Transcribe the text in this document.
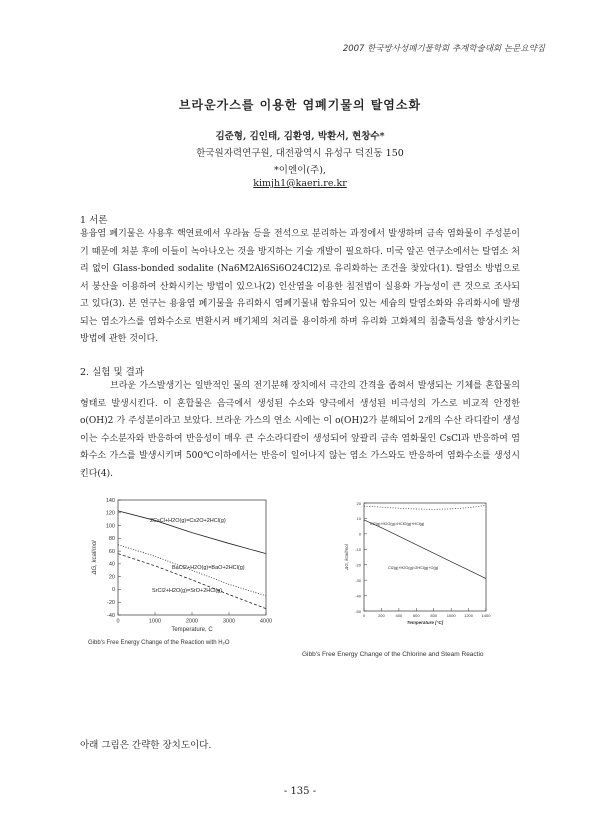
2007 한국방사성폐기물학회 추계학술대회 논문요약집
브라운가스를 이용한 염폐기물의 탈염소화
김준형, 김인태, 김환영, 박환서, 현창수*
한국원자력연구원, 대전광역시 유성구 덕진동 150
*이엔이(주),
kimjh1@kaeri.re.kr
1 서론

용융염 폐기물은 사용후 핵연료에서 우라늄 등을 전석으로 분리하는 과정에서 발생하며 금속 염화물이 주성분이기 때문에 처분 후에 이들이 녹아나오는 것을 방지하는 기술 개발이 필요하다. 미국 알곤 연구소에서는 탈염소 처리 없이 Glass-bonded sodalite (Na6M2Al6Si6O24Cl2)로 유리화하는 조건을 찾았다(1). 탈염소 방법으로서 붕산을 이용하여 산화시키는 방법이 있으나(2) 인산염을 이용한 침전법이 실용화 가능성이 큰 것으로 조사되고 있다(3). 본 연구는 용융염 폐기물을 유리화시 염폐기물내 함유되어 있는 세슘의 탈염소화와 유리화시에 발생되는 염소가스를 염화수소로 변환시켜 배기체의 처리를 용이하게 하며 유리화 고화체의 침출특성을 향상시키는 방법에 관한 것이다.

2. 실험 및 결과

브라운 가스발생기는 일반적인 물의 전기분해 장치에서 극간의 간격을 좁혀서 발생되는 기체를 혼합물의 형태로 발생시킨다. 이 혼합물은 음극에서 생성된 수소와 양극에서 생성된 비극성의 가스로 비교적 안정한 o(OH)2 가 주성분이라고 보았다. 브라운 가스의 연소 시에는 이 o(OH)2가 분해되어 2개의 수산 라디칼이 생성 이는 수소분자와 반응하여 반응성이 매우 큰 수소라디칼이 생성되어 앞괄리 금속 염화물인 CsCl과 반응하여 염화수소 가스를 발생시키며 500℃이하에서는 반응이 일어나지 않는 염소 가스와도 반응하여 염화수소를 생성시킨다(4).

140
120
100
80
60
40
20
0
-20
-40
0	1000	2000	3000	4000
Temperature, C
ΔG, kcal/mol
2CsCl+H2O(g)=Cs2O+2HCl(g)
BaCl2+H2O(g)=BaO+2HCl(g)
SrCl2+H2O(g)=SrO+2HCl(g)
Gibb's Free Energy Change of the Reaction with H₂O
20
10
0
-10
-20
-30
-40
-50
0	200	400	600	800 1000 1200 1400
Temperature [°C]
ΔG, kcal/mol
Cl2(g)+H2O(g)=HClO(g)+HCl(g)
Cl2(g)+H2O(g)=2HCl(g)+O(g)
Gibb's Free Energy Change of the Chlorine and Steam Reactio
아래 그림은 간략한 장치도이다.
- 135 -
